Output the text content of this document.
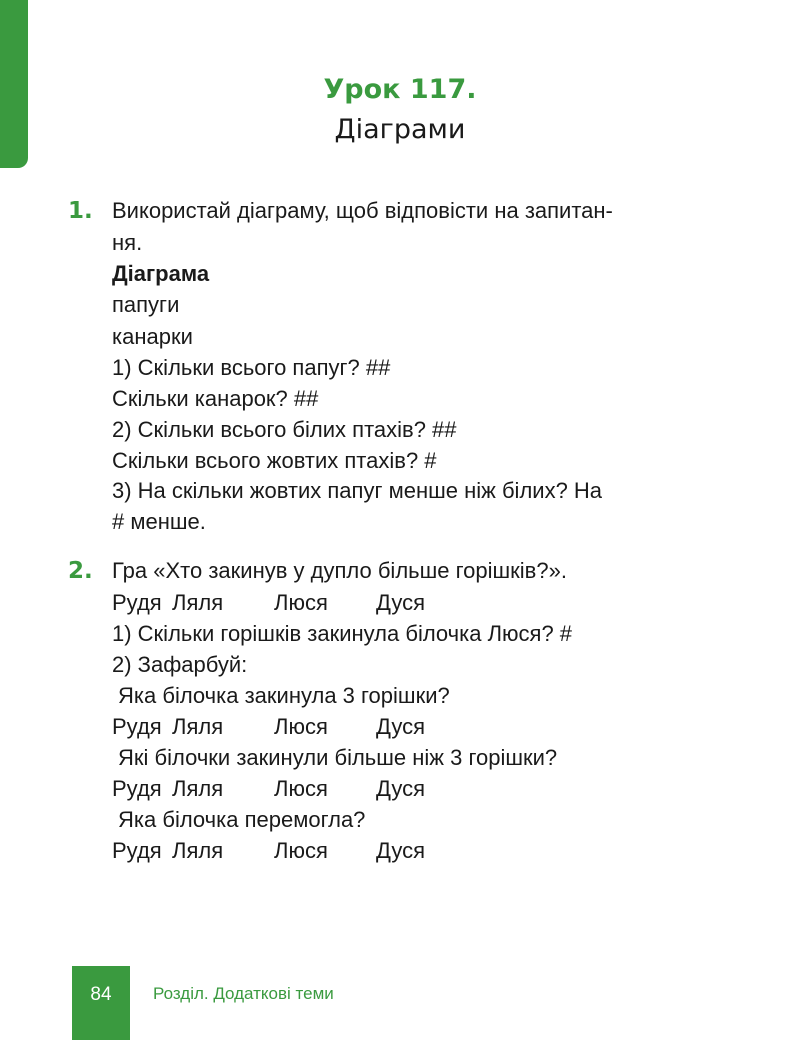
Урок 117.
Діаграми
1. Використай діаграму, щоб відповісти на запитан-
ня.
Діаграма
папуги
канарки
1) Скільки всього папуг? ##
Скільки канарок? ##
2) Скільки всього білих птахів? ##
Скільки всього жовтих птахів? #
3) На скільки жовтих папуг менше ніж білих? На
# менше.
2. Гра «Хто закинув у дупло більше горішків?».
Рудя Ляля Люся Дуся
1) Скільки горішків закинула білочка Люся? #
2) Зафарбуй:
Яка білочка закинула 3 горішки?
Рудя Ляля Люся Дуся
Які білочки закинули більше ніж 3 горішки?
Рудя Ляля Люся Дуся
Яка білочка перемогла?
Рудя Ляля Люся Дуся
84	Розділ. Додаткові теми
